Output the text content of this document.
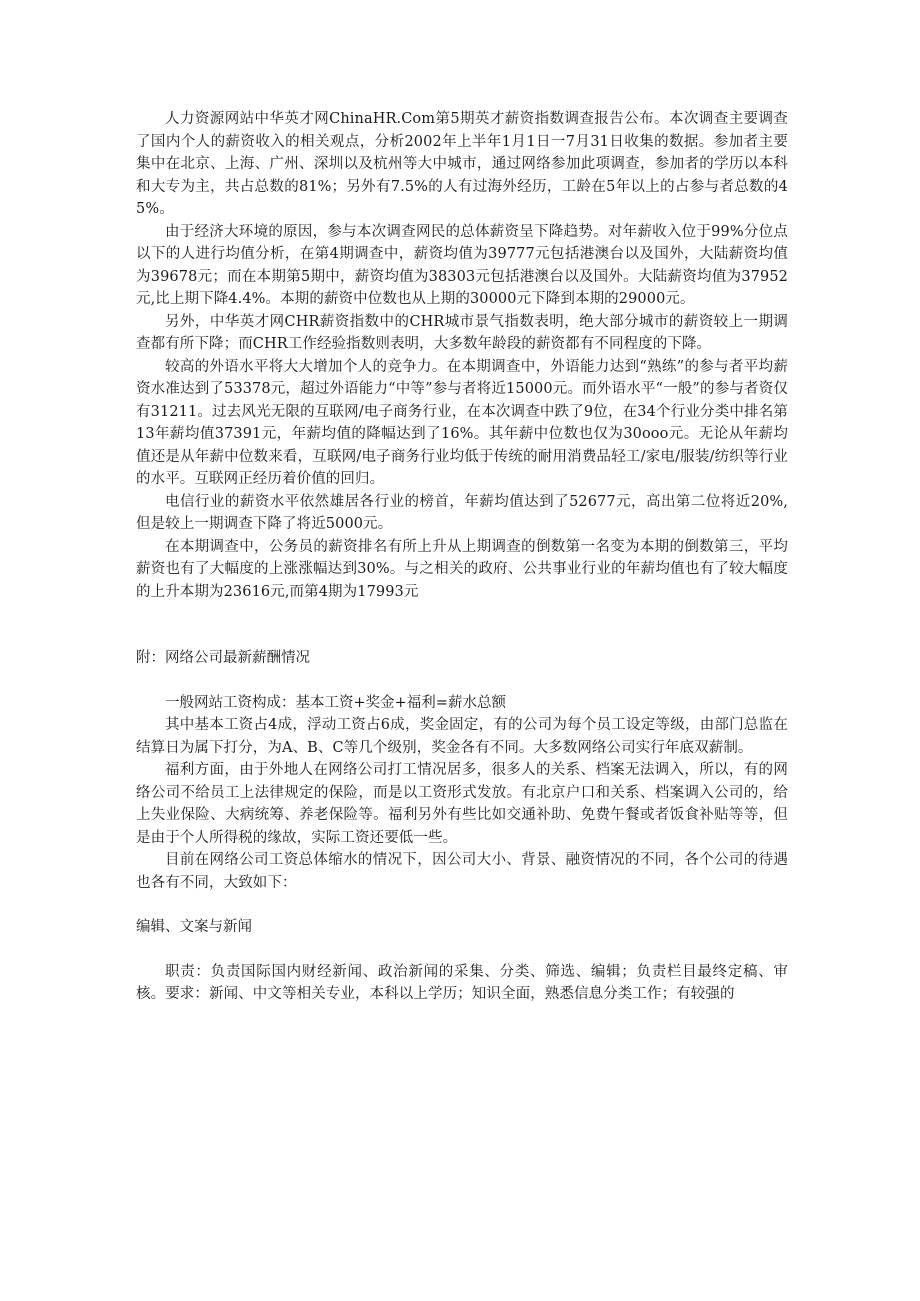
人力资源网站中华英才网ChinaHR.Com第5期英才薪资指数调查报告公布。本次调查主要调查了国内个人的薪资收入的相关观点，分析2002年上半年1月1日一7月31日收集的数据。参加者主要集中在北京、上海、广州、深圳以及杭州等大中城市，通过网络参加此项调查，参加者的学历以本科和大专为主，共占总数的81%；另外有7.5%的人有过海外经历，工龄在5年以上的占参与者总数的45%。

由于经济大环境的原因，参与本次调查网民的总体薪资呈下降趋势。对年薪收入位于99%分位点以下的人进行均值分析，在第4期调查中，薪资均值为39777元包括港澳台以及国外，大陆薪资均值为39678元；而在本期第5期中，薪资均值为38303元包括港澳台以及国外。大陆薪资均值为37952元,比上期下降4.4%。本期的薪资中位数也从上期的30000元下降到本期的29000元。

另外，中华英才网CHR薪资指数中的CHR城市景气指数表明，绝大部分城市的薪资较上一期调查都有所下降；而CHR工作经验指数则表明，大多数年龄段的薪资都有不同程度的下降。

较高的外语水平将大大增加个人的竞争力。在本期调查中，外语能力达到“熟练”的参与者平均薪资水准达到了53378元，超过外语能力“中等”参与者将近15000元。而外语水平“一般”的参与者资仅有31211。过去风光无限的互联网/电子商务行业，在本次调查中跌了9位，在34个行业分类中排名第13年薪均值37391元，年薪均值的降幅达到了16%。其年薪中位数也仅为30ooo元。无论从年薪均值还是从年薪中位数来看，互联网/电子商务行业均低于传统的耐用消费品轻工/家电/服装/纺织等行业的水平。互联网正经历着价值的回归。

电信行业的薪资水平依然雄居各行业的榜首，年薪均值达到了52677元，高出第二位将近20%,但是较上一期调查下降了将近5000元。

在本期调查中，公务员的薪资排名有所上升从上期调查的倒数第一名变为本期的倒数第三，平均薪资也有了大幅度的上涨涨幅达到30%。与之相关的政府、公共事业行业的年薪均值也有了较大幅度的上升本期为23616元,而第4期为17993元

附：网络公司最新薪酬情况

一般网站工资构成：基本工资+奖金+福利=薪水总额

其中基本工资占4成，浮动工资占6成，奖金固定，有的公司为每个员工设定等级，由部门总监在结算日为属下打分，为A、B、C等几个级别，奖金各有不同。大多数网络公司实行年底双薪制。

福利方面，由于外地人在网络公司打工情况居多，很多人的关系、档案无法调入，所以，有的网络公司不给员工上法律规定的保险，而是以工资形式发放。有北京户口和关系、档案调入公司的，给上失业保险、大病统筹、养老保险等。福利另外有些比如交通补助、免费午餐或者饭食补贴等等，但是由于个人所得税的缘故，实际工资还要低一些。

目前在网络公司工资总体缩水的情况下，因公司大小、背景、融资情况的不同，各个公司的待遇也各有不同，大致如下：

编辑、文案与新闻

职责：负责国际国内财经新闻、政治新闻的采集、分类、筛选、编辑；负责栏目最终定稿、审核。要求：新闻、中文等相关专业，本科以上学历；知识全面，熟悉信息分类工作；有较强的
